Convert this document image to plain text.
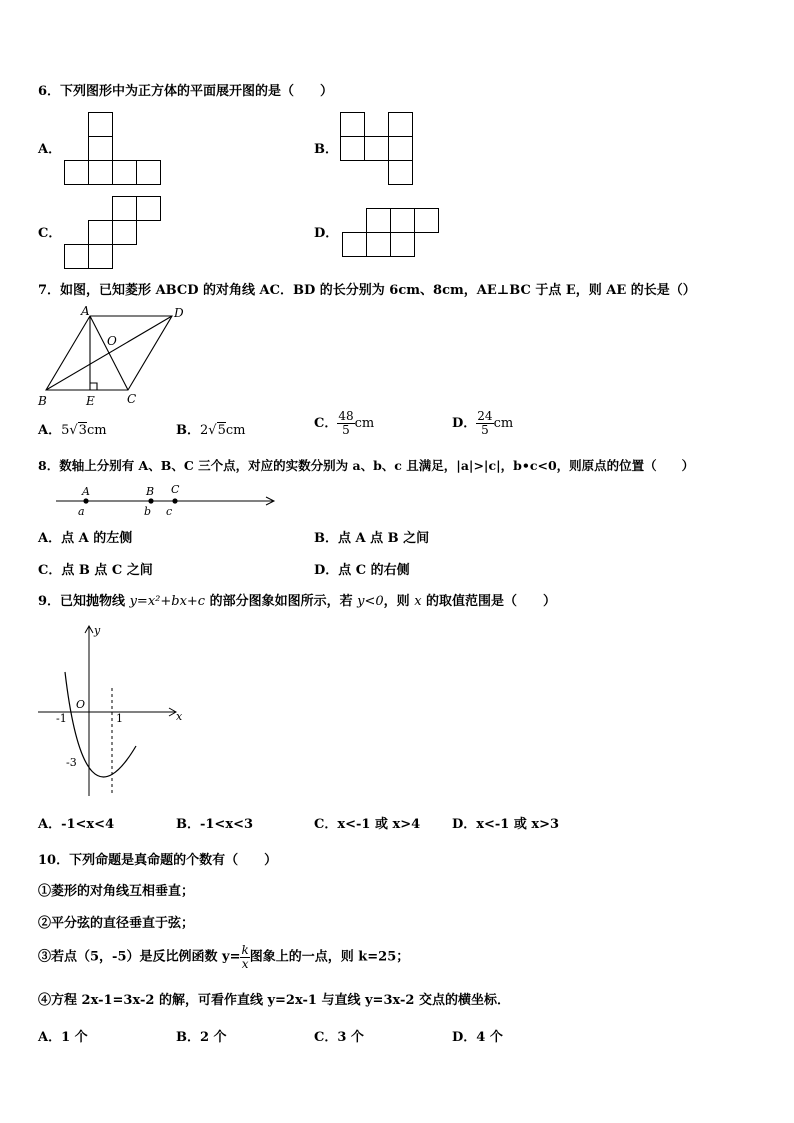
6．下列图形中为正方体的平面展开图的是（　　）
A．	B．
C．	D．
7．如图，已知菱形 ABCD 的对角线 AC．BD 的长分别为 6cm、8cm，AE⊥BC 于点 E，则 AE 的长是（）
A	D
O
B	E	C
A．5√3cm	B．2√5cm	C． $\frac{48}{5}$ cm	D． $\frac{24}{5}$ cm
8．数轴上分别有 A、B、C 三个点，对应的实数分别为 a、b、c 且满足，|a|>|c|，b•c<0，则原点的位置（　　）
A	B C
a	b c
A．点 A 的左侧	B．点 A 点 B 之间
C．点 B 点 C 之间	D．点 C 的右侧
9．已知抛物线 y=x²+bx+c 的部分图象如图所示，若 y<0，则 x 的取值范围是（　　）
y
x
O
-1	1
-3
A．-1<x<4	B．-1<x<3	C．x<-1 或 x>4 D．x<-1 或 x>3
10．下列命题是真命题的个数有（　　）
①菱形的对角线互相垂直；
②平分弦的直径垂直于弦；
③若点（5，-5）是反比例函数 $y= \frac{k}{x}$ 图象上的一点，则 k=25；
④方程 2x-1=3x-2 的解，可看作直线 y=2x-1 与直线 y=3x-2 交点的横坐标．
A．1 个	B．2 个	C．3 个	D．4 个
